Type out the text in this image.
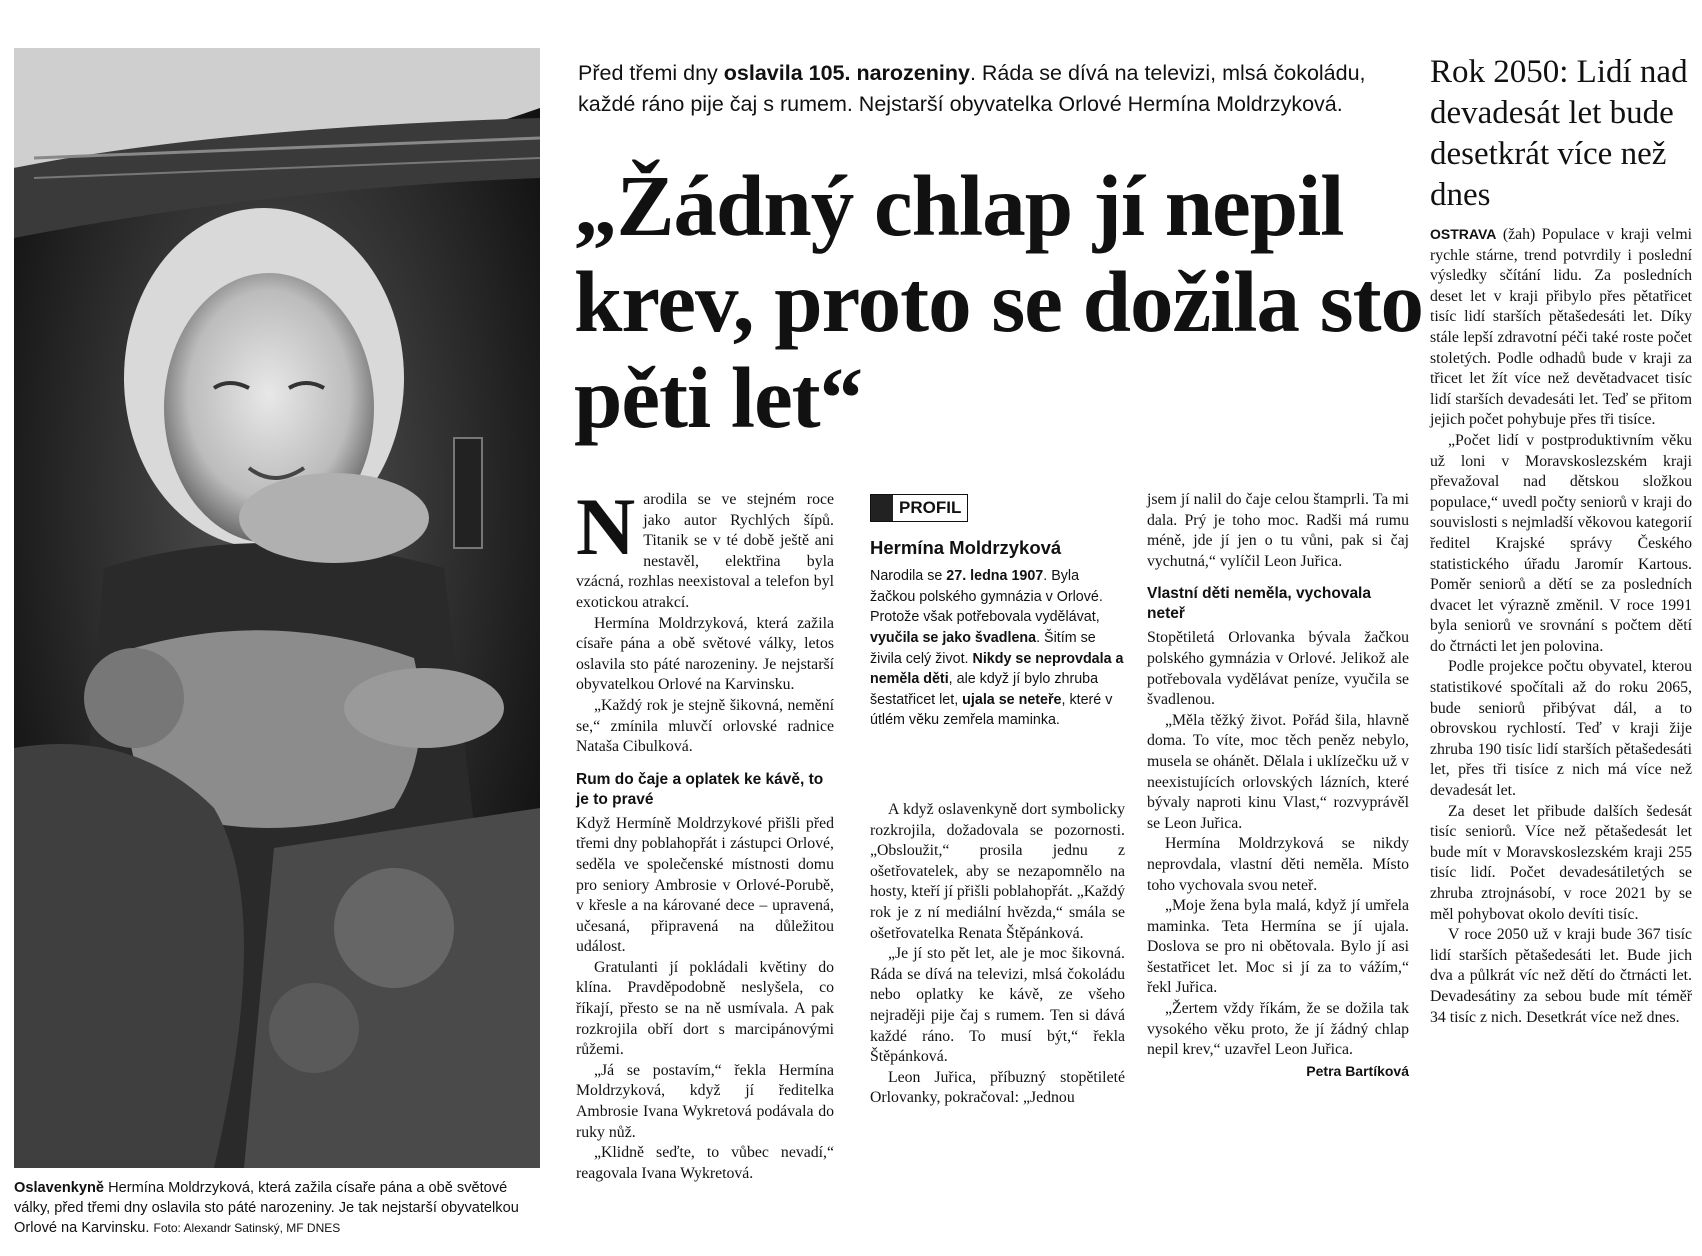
Oslavenkyně Hermína Moldrzyková, která zažila císaře pána a obě světové války, před třemi dny oslavila sto páté narozeniny. Je tak nejstarší obyvatelkou Orlové na Karvinsku. Foto: Alexandr Satinský, MF DNES
Před třemi dny oslavila 105. narozeniny. Ráda se dívá na televizi, mlsá čokoládu, každé ráno pije čaj s rumem. Nejstarší obyvatelka Orlové Hermína Moldrzyková.
„Žádný chlap jí nepil krev, proto se dožila sto pěti let“

Narodila se ve stejném roce jako autor Rychlých šípů. Titanik se v té době ještě ani nestavěl, elektřina byla vzácná, rozhlas neexistoval a telefon byl exotickou atrakcí.

Hermína Moldrzyková, která zažila císaře pána a obě světové války, letos oslavila sto páté narozeniny. Je nejstarší obyvatelkou Orlové na Karvinsku.

„Každý rok je stejně šikovná, nemění se,“ zmínila mluvčí orlovské radnice Nataša Cibulková.

Rum do čaje a oplatek ke kávě, to je to pravé

Když Hermíně Moldrzykové přišli před třemi dny poblahopřát i zástupci Orlové, seděla ve společenské místnosti domu pro seniory Ambrosie v Orlové-Porubě, v křesle a na kárované dece – upravená, učesaná, připravená na důležitou událost.

Gratulanti jí pokládali květiny do klína. Pravděpodobně neslyšela, co říkají, přesto se na ně usmívala. A pak rozkrojila obří dort s marcipánovými růžemi.

„Já se postavím,“ řekla Hermína Moldrzyková, když jí ředitelka Ambrosie Ivana Wykretová podávala do ruky nůž.

„Klidně seďte, to vůbec nevadí,“ reagovala Ivana Wykretová.

PROFIL
Hermína Moldrzyková

Narodila se 27. ledna 1907. Byla žačkou polského gymnázia v Orlové. Protože však potřebovala vydělávat, vyučila se jako švadlena. Šitím se živila celý život. Nikdy se neprovdala a neměla děti, ale když jí bylo zhruba šestatřicet let, ujala se neteře, které v útlém věku zemřela maminka.

A když oslavenkyně dort symbolicky rozkrojila, dožadovala se pozornosti. „Obsloužit,“ prosila jednu z ošetřovatelek, aby se nezapomnělo na hosty, kteří jí přišli poblahopřát. „Každý rok je z ní mediální hvězda,“ smála se ošetřovatelka Renata Štěpánková.

„Je jí sto pět let, ale je moc šikovná. Ráda se dívá na televizi, mlsá čokoládu nebo oplatky ke kávě, ze všeho nejraději pije čaj s rumem. Ten si dává každé ráno. To musí být,“ řekla Štěpánková.

Leon Juřica, příbuzný stopětileté Orlovanky, pokračoval: „Jednou

jsem jí nalil do čaje celou štamprli. Ta mi dala. Prý je toho moc. Radši má rumu méně, jde jí jen o tu vůni, pak si čaj vychutná,“ vylíčil Leon Juřica.

Vlastní děti neměla, vychovala neteř

Stopětiletá Orlovanka bývala žačkou polského gymnázia v Orlové. Jelikož ale potřebovala vydělávat peníze, vyučila se švadlenou.

„Měla těžký život. Pořád šila, hlavně doma. To víte, moc těch peněz nebylo, musela se ohánět. Dělala i uklízečku už v neexistujících orlovských lázních, které bývaly naproti kinu Vlast,“ rozvyprávěl se Leon Juřica.

Hermína Moldrzyková se nikdy neprovdala, vlastní děti neměla. Místo toho vychovala svou neteř.

„Moje žena byla malá, když jí umřela maminka. Teta Hermína se jí ujala. Doslova se pro ni obětovala. Bylo jí asi šestatřicet let. Moc si jí za to vážím,“ řekl Juřica.

„Žertem vždy říkám, že se dožila tak vysokého věku proto, že jí žádný chlap nepil krev,“ uzavřel Leon Juřica.
Petra Bartíková

Rok 2050: Lidí nad devadesát let bude desetkrát více než dnes

OSTRAVA (žah) Populace v kraji velmi rychle stárne, trend potvrdily i poslední výsledky sčítání lidu. Za posledních deset let v kraji přibylo přes pětatřicet tisíc lidí starších pětašedesáti let. Díky stále lepší zdravotní péči také roste počet stoletých. Podle odhadů bude v kraji za třicet let žít více než devětadvacet tisíc lidí starších devadesáti let. Teď se přitom jejich počet pohybuje přes tři tisíce.

„Počet lidí v postproduktivním věku už loni v Moravskoslezském kraji převažoval nad dětskou složkou populace,“ uvedl počty seniorů v kraji do souvislosti s nejmladší věkovou kategorií ředitel Krajské správy Českého statistického úřadu Jaromír Kartous. Poměr seniorů a dětí se za posledních dvacet let výrazně změnil. V roce 1991 byla seniorů ve srovnání s počtem dětí do čtrnácti let jen polovina.

Podle projekce počtu obyvatel, kterou statistikové spočítali až do roku 2065, bude seniorů přibývat dál, a to obrovskou rychlostí. Teď v kraji žije zhruba 190 tisíc lidí starších pětašedesáti let, přes tři tisíce z nich má více než devadesát let.

Za deset let přibude dalších šedesát tisíc seniorů. Více než pětašedesát let bude mít v Moravskoslezském kraji 255 tisíc lidí. Počet devadesátiletých se zhruba ztrojnásobí, v roce 2021 by se měl pohybovat okolo devíti tisíc.

V roce 2050 už v kraji bude 367 tisíc lidí starších pětašedesáti let. Bude jich dva a půlkrát víc než dětí do čtrnácti let. Devadesátiny za sebou bude mít téměř 34 tisíc z nich. Desetkrát více než dnes.
